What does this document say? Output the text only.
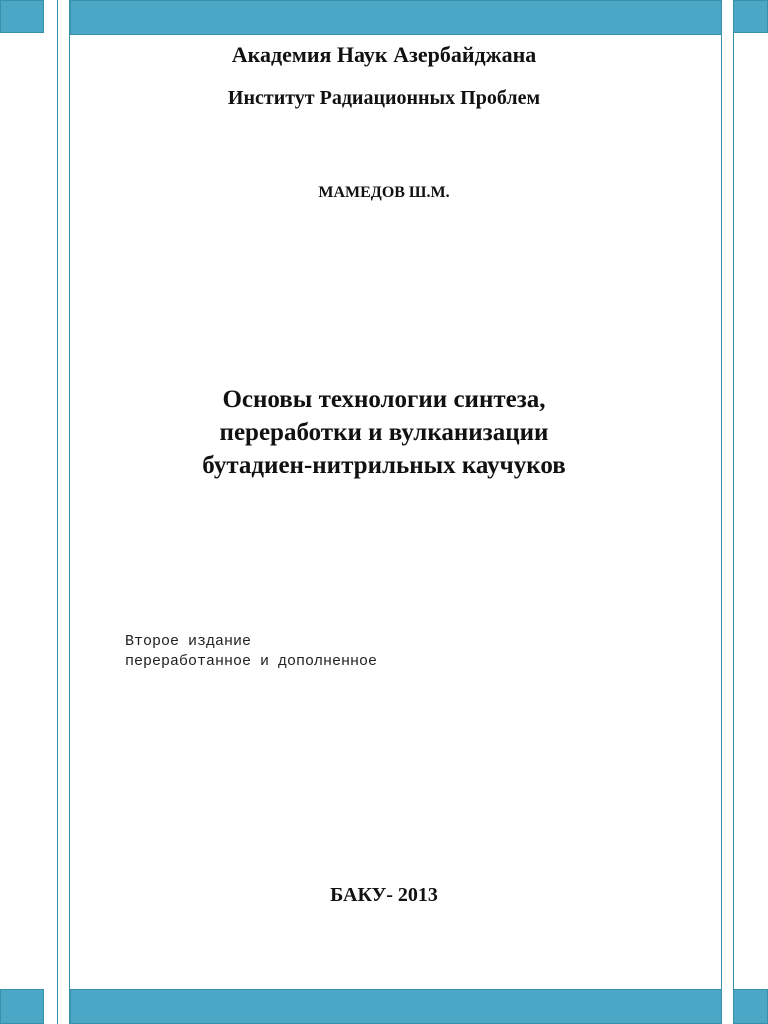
Академия Наук Азербайджана
Институт Радиационных Проблем
МАМЕДОВ Ш.М.
Основы технологии синтеза,
переработки и вулканизации
бутадиен-нитрильных каучуков
Второе издание
переработанное и дополненное
БАКУ- 2013
